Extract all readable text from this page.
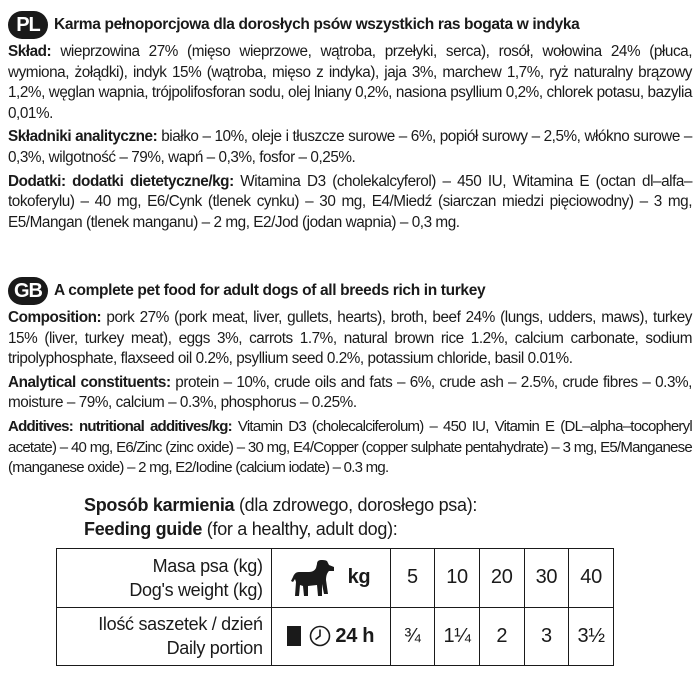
PL Karma pełnoporcjowa dla dorosłych psów wszystkich ras bogata w indyka

Skład: wieprzowina 27% (mięso wieprzowe, wątroba, przełyki, serca), rosół, wołowina 24% (płuca, wymiona, żołądki), indyk 15% (wątroba, mięso z indyka), jaja 3%, marchew 1,7%, ryż naturalny brązowy 1,2%, węglan wapnia, trójpolifosforan sodu, olej lniany 0,2%, nasiona psyllium 0,2%, chlorek potasu, bazylia 0,01%.

Składniki analityczne: białko – 10%, oleje i tłuszcze surowe – 6%, popiół surowy – 2,5%, włókno surowe – 0,3%, wilgotność – 79%, wapń – 0,3%, fosfor – 0,25%.

Dodatki: dodatki dietetyczne/kg: Witamina D3 (cholekalcyferol) – 450 IU, Witamina E (octan dl–alfa–tokoferylu) – 40 mg, E6/Cynk (tlenek cynku) – 30 mg, E4/Miedź (siarczan miedzi pięciowodny) – 3 mg, E5/Mangan (tlenek manganu) – 2 mg, E2/Jod (jodan wapnia) – 0,3 mg.

GB A complete pet food for adult dogs of all breeds rich in turkey

Composition: pork 27% (pork meat, liver, gullets, hearts), broth, beef 24% (lungs, udders, maws), turkey 15% (liver, turkey meat), eggs 3%, carrots 1.7%, natural brown rice 1.2%, calcium carbonate, sodium tripolyphosphate, flaxseed oil 0.2%, psyllium seed 0.2%, potassium chloride, basil 0.01%.

Analytical constituents: protein – 10%, crude oils and fats – 6%, crude ash – 2.5%, crude fibres – 0.3%, moisture – 79%, calcium – 0.3%, phosphorus – 0.25%.

Additives: nutritional additives/kg: Vitamin D3 (cholecalciferolum) – 450 IU, Vitamin E (DL–alpha–tocopheryl acetate) – 40 mg, E6/Zinc (zinc oxide) – 30 mg, E4/Copper (copper sulphate pentahydrate) – 3 mg, E5/Manganese (manganese oxide) – 2 mg, E2/Iodine (calcium iodate) – 0.3 mg.

Sposób karmienia (dla zdrowego, dorosłego psa):
Feeding guide (for a healthy, adult dog):
Masa psa (kg)
Dog's weight (kg)	kg	5	10	20	30	40

Ilość saszetek / dzień
Daily portion	24 h	¾	1¼	2	3	3½
